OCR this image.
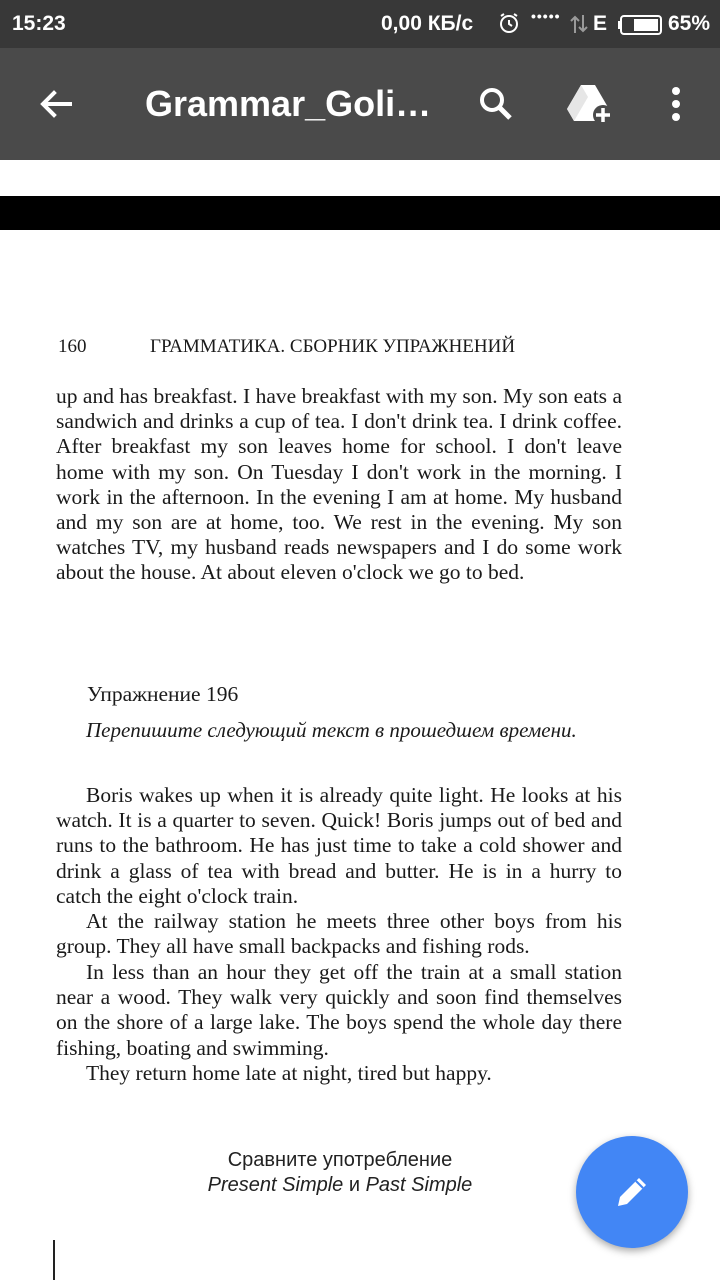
15:23	0,00 КБ/с	••••• E	65%
Grammar_Goli…
160	ГРАММАТИКА. СБОРНИК УПРАЖНЕНИЙ

up and has breakfast. I have breakfast with my son. My son eats a sandwich and drinks a cup of tea. I don't drink tea. I drink coffee. After breakfast my son leaves home for school. I don't leave home with my son. On Tuesday I don't work in the morning. I work in the afternoon. In the evening I am at home. My husband and my son are at home, too. We rest in the evening. My son watches TV, my husband reads newspapers and I do some work about the house. At about eleven o'clock we go to bed.

Упражнение 196

Перепишите следующий текст в прошедшем времени.

Boris wakes up when it is already quite light. He looks at his watch. It is a quarter to seven. Quick! Boris jumps out of bed and runs to the bathroom. He has just time to take a cold shower and drink a glass of tea with bread and butter. He is in a hurry to catch the eight o'clock train.

At the railway station he meets three other boys from his group. They all have small backpacks and fishing rods.

In less than an hour they get off the train at a small station near a wood. They walk very quickly and soon find themselves on the shore of a large lake. The boys spend the whole day there fishing, boating and swimming.

They return home late at night, tired but happy.

Сравните употребление
Present Simple и Past Simple
